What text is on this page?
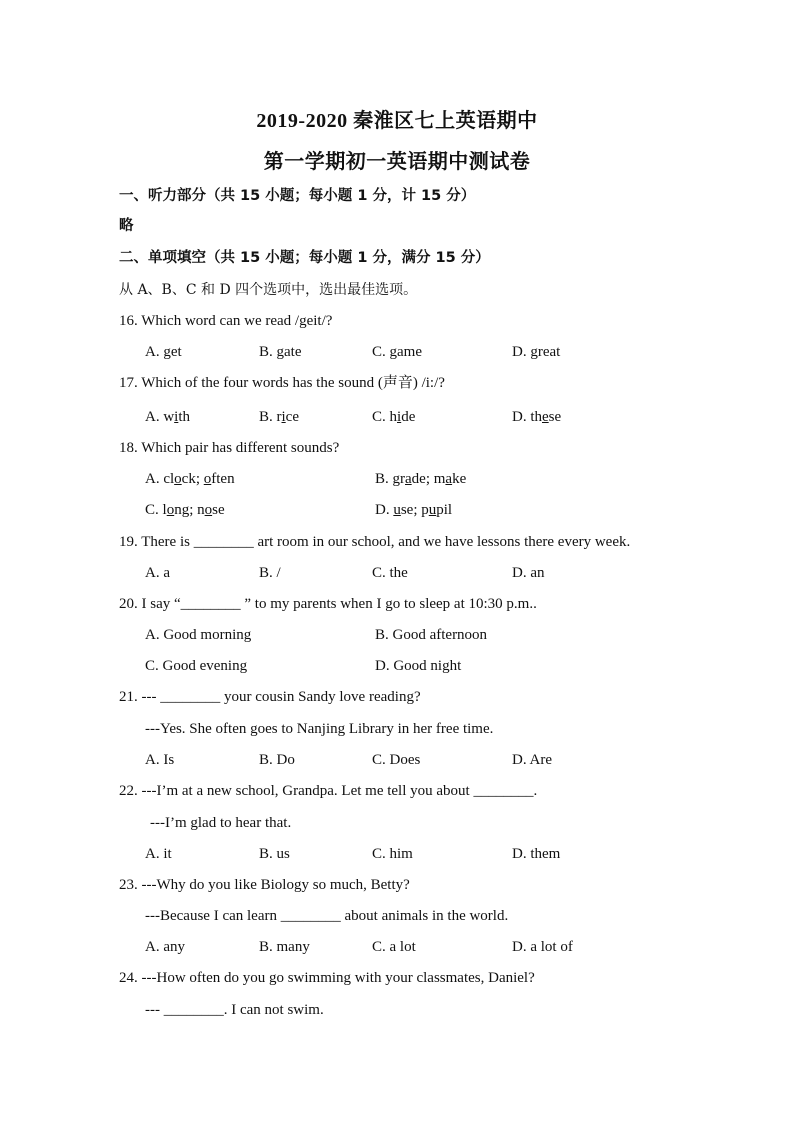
2019-2020 秦淮区七上英语期中
第一学期初一英语期中测试卷
一、听力部分（共 15 小题；每小题 1 分，计 15 分）
略
二、单项填空（共 15 小题；每小题 1 分，满分 15 分）
从 A、B、C 和 D 四个选项中，选出最佳选项。
16. Which word can we read /geit/?
A. get	B. gate	C. game	D. great
17. Which of the four words has the sound (声音) /i:/?
A. with	B. rice	C. hide	D. these
18. Which pair has different sounds?
A. clock; often	B. grade; make
C. long; nose	D. use; pupil
19. There is ________ art room in our school, and we have lessons there every week.
A. a	B. /	C. the	D. an
20. I say “________ ” to my parents when I go to sleep at 10:30 p.m..
A. Good morning	B. Good afternoon
C. Good evening	D. Good night
21. --- ________ your cousin Sandy love reading?
---Yes. She often goes to Nanjing Library in her free time.
A. Is	B. Do	C. Does	D. Are
22. ---I’m at a new school, Grandpa. Let me tell you about ________.
---I’m glad to hear that.
A. it	B. us	C. him	D. them
23. ---Why do you like Biology so much, Betty?
---Because I can learn ________ about animals in the world.
A. any	B. many	C. a lot	D. a lot of
24. ---How often do you go swimming with your classmates, Daniel?
--- ________. I can not swim.
